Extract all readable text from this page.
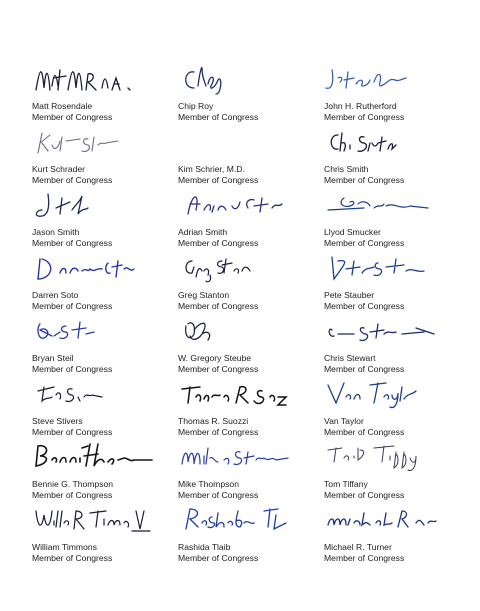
Matt Rosendale
Member of Congress
Chip Roy
Member of Congress
John H. Rutherford
Member of Congress
Kurt Schrader
Member of Congress
Kim Schrier, M.D.
Member of Congress
Chris Smith
Member of Congress
Jason Smith
Member of Congress
Adrian Smith
Member of Congress
Llyod Smucker
Member of Congress
Darren Soto
Member of Congress
Greg Stanton
Member of Congress
Pete Stauber
Member of Congress
Bryan Steil
Member of Congress
W. Gregory Steube
Member of Congress
Chris Stewart
Member of Congress
Steve Stivers
Member of Congress
Thomas R. Suozzi
Member of Congress
Van Taylor
Member of Congress
Bennie G. Thompson
Member of Congress
Mike Thompson
Member of Congress
Tom Tiffany
Member of Congress
William Timmons
Member of Congress
Rashida Tlaib
Member of Congress
Michael R. Turner
Member of Congress
